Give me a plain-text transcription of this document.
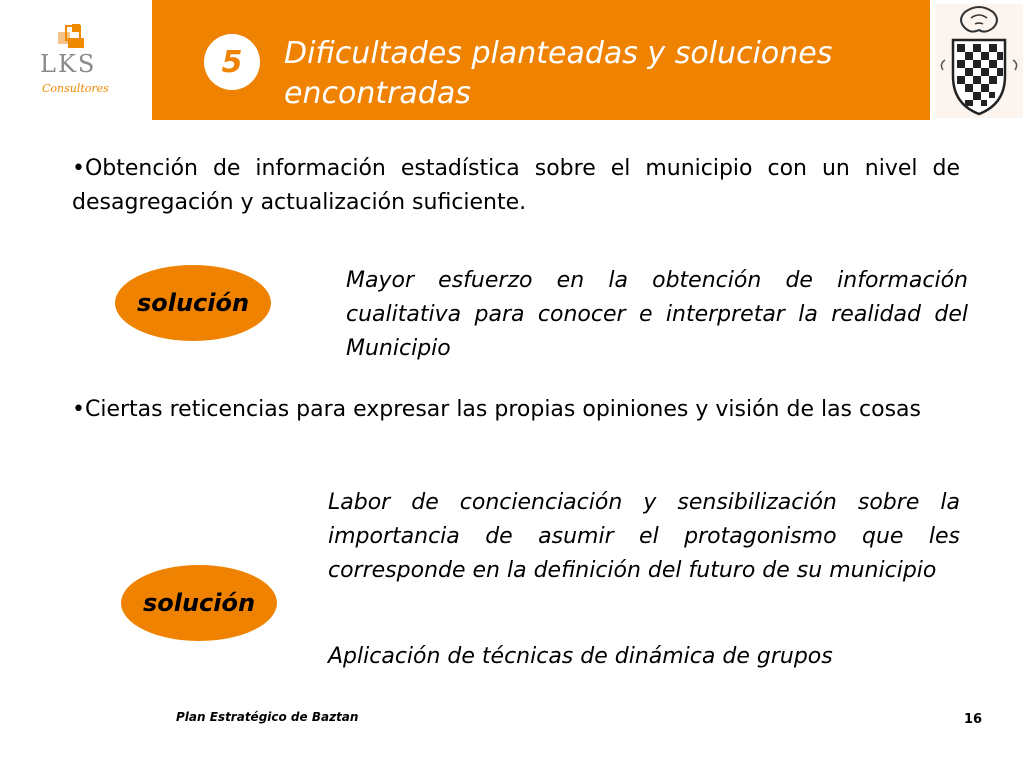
LKS
Consultores
5 Dificultades planteadas y soluciones encontradas
•Obtención de información estadística sobre el municipio con un nivel de desagregación y actualización suficiente.
solución
Mayor esfuerzo en la obtención de información cualitativa para conocer e interpretar la realidad del Municipio
•Ciertas reticencias para expresar las propias opiniones y visión de las cosas
solución
Labor de concienciación y sensibilización sobre la importancia de asumir el protagonismo que les corresponde en la definición del futuro de su municipio
Aplicación de técnicas de dinámica de grupos
Plan Estratégico de Baztan	16
